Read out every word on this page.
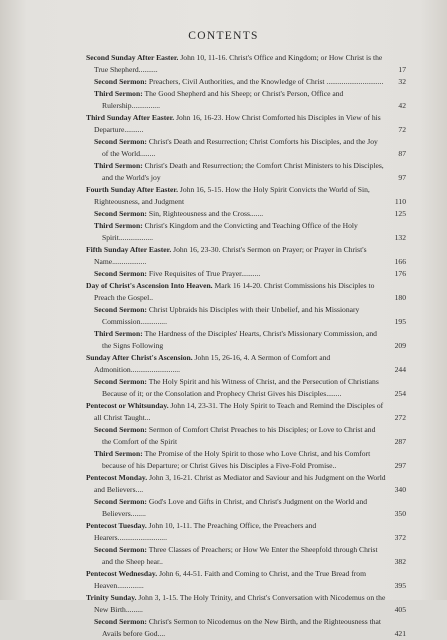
CONTENTS
Second Sunday After Easter. John 10, 11-16. Christ's Office and Kingdom; or How Christ is the True Shepherd..........	17
Second Sermon: Preachers, Civil Authorities, and the Knowledge of Christ ..............................	32
Third Sermon: The Good Shepherd and his Sheep; or Christ's Person, Office and Rulership...............	42
Third Sunday After Easter. John 16, 16-23. How Christ Comforted his Disciples in View of his Departure..........	72
Second Sermon: Christ's Death and Resurrection; Christ Comforts his Disciples, and the Joy of the World........	87
Third Sermon: Christ's Death and Resurrection; the Comfort Christ Ministers to his Disciples, and the World's joy	97
Fourth Sunday After Easter. John 16, 5-15. How the Holy Spirit Convicts the World of Sin, Righteousness, and Judgment	110
Second Sermon: Sin, Righteousness and the Cross.......	125
Third Sermon: Christ's Kingdom and the Convicting and Teaching Office of the Holy Spirit..................	132
Fifth Sunday After Easter. John 16, 23-30. Christ's Sermon on Prayer; or Prayer in Christ's Name..................	166
Second Sermon: Five Requisites of True Prayer..........	176
Day of Christ's Ascension Into Heaven. Mark 16 14-20. Christ Commissions his Disciples to Preach the Gospel..	180
Second Sermon: Christ Upbraids his Disciples with their Unbelief, and his Missionary Commission..............	195
Third Sermon: The Hardness of the Disciples' Hearts, Christ's Missionary Commission, and the Signs Following	209
Sunday After Christ's Ascension. John 15, 26-16, 4. A Sermon of Comfort and Admonition..........................	244
Second Sermon: The Holy Spirit and his Witness of Christ, and the Persecution of Christians Because of it; or the Consolation and Prophecy Christ Gives his Disciples........	254
Pentecost or Whitsunday. John 14, 23-31. The Holy Spirit to Teach and Remind the Disciples of all Christ Taught...	272
Second Sermon: Sermon of Comfort Christ Preaches to his Disciples; or Love to Christ and the Comfort of the Spirit	287
Third Sermon: The Promise of the Holy Spirit to those who Love Christ, and his Comfort because of his Departure; or Christ Gives his Disciples a Five-Fold Promise..	297
Pentecost Monday. John 3, 16-21. Christ as Mediator and Saviour and his Judgment on the World and Believers....	340
Second Sermon: God's Love and Gifts in Christ, and Christ's Judgment on the World and Believers........	350
Pentecost Tuesday. John 10, 1-11. The Preaching Office, the Preachers and Hearers..........................	372
Second Sermon: Three Classes of Preachers; or How We Enter the Sheepfold through Christ and the Sheep hear..	382
Pentecost Wednesday. John 6, 44-51. Faith and Coming to Christ, and the True Bread from Heaven..............	395
Trinity Sunday. John 3, 1-15. The Holy Trinity, and Christ's Conversation with Nicodemus on the New Birth.........	405
Second Sermon: Christ's Sermon to Nicodemus on the New Birth, and the Righteousness that Avails before God....	421
